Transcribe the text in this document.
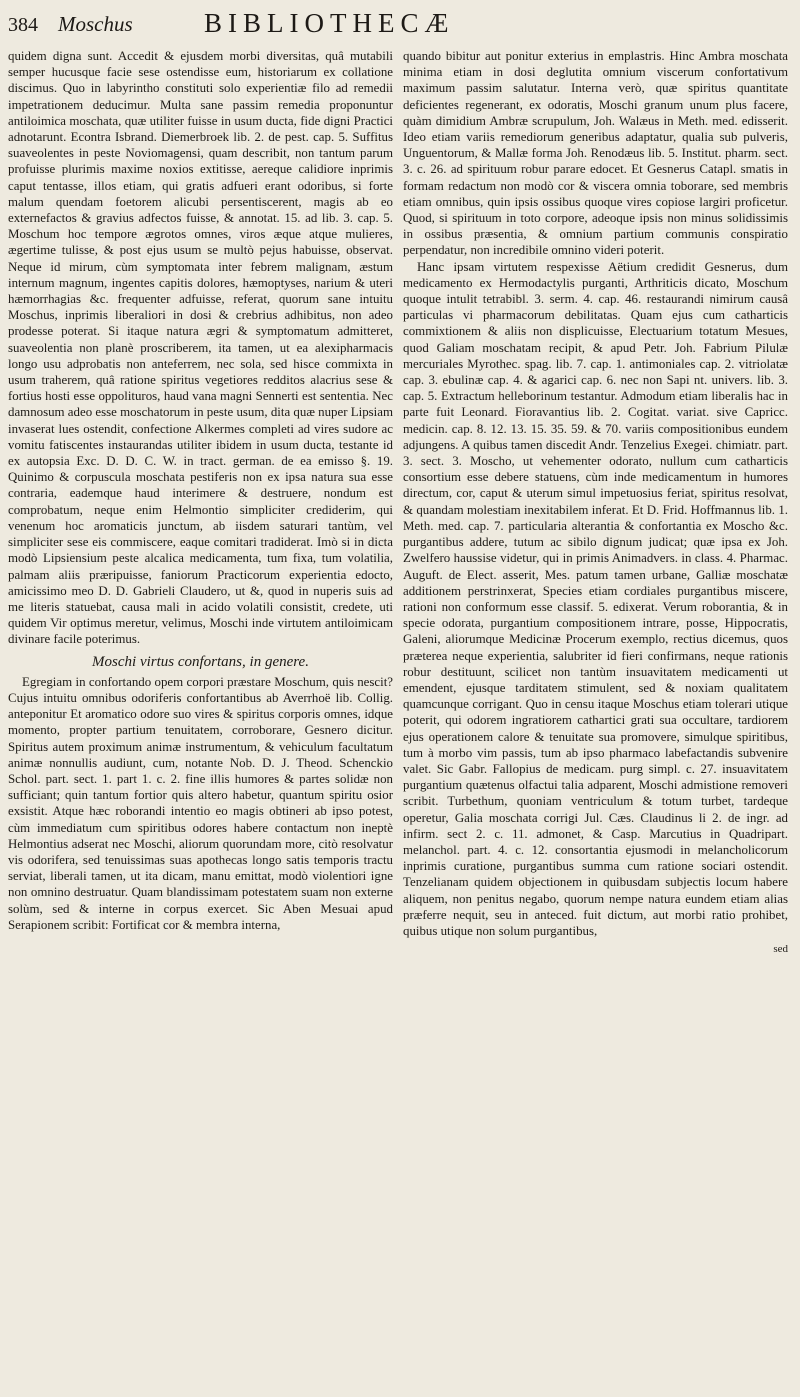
384 Moschus	BIBLIOTHECÆ

quidem digna sunt. Accedit & ejusdem morbi diversitas, quâ mutabili semper hucusque facie sese ostendisse eum, historiarum ex collatione discimus. Quo in labyrintho constituti solo experientiæ filo ad remedii impetrationem deducimur. Multa sane passim remedia proponuntur antiloimica moschata, quæ utiliter fuisse in usum ducta, fide digni Practici adnotarunt. Econtra Isbrand. Diemerbroek lib. 2. de pest. cap. 5. Suffitus suaveolentes in peste Noviomagensi, quam describit, non tantum parum profuisse plurimis maxime noxios extitisse, aereque calidiore inprimis caput tentasse, illos etiam, qui gratis adfueri erant odoribus, si forte malum quendam foetorem alicubi persentiscerent, magis ab eo externefactos & gravius adfectos fuisse, & annotat. 15. ad lib. 3. cap. 5. Moschum hoc tempore ægrotos omnes, viros æque atque mulieres, ægertime tulisse, & post ejus usum se multò pejus habuisse, observat. Neque id mirum, cùm symptomata inter febrem malignam, æstum internum magnum, ingentes capitis dolores, hæmoptyses, narium & uteri hæmorrhagias &c. frequenter adfuisse, referat, quorum sane intuitu Moschus, inprimis liberaliori in dosi & crebrius adhibitus, non adeo prodesse poterat. Si itaque natura ægri & symptomatum admitteret, suaveolentia non planè proscriberem, ita tamen, ut ea alexipharmacis longo usu adprobatis non anteferrem, nec sola, sed hisce commixta in usum traherem, quâ ratione spiritus vegetiores redditos alacrius sese & fortius hosti esse oppolituros, haud vana magni Sennerti est sententia. Nec damnosum adeo esse moschatorum in peste usum, dita quæ nuper Lipsiam invaserat lues ostendit, confectione Alkermes completi ad vires sudore ac vomitu fatiscentes instaurandas utiliter ibidem in usum ducta, testante id ex autopsia Exc. D. D. C. W. in tract. german. de ea emisso §. 19. Quinimo & corpuscula moschata pestiferis non ex ipsa natura sua esse contraria, eademque haud interimere & destruere, nondum est comprobatum, neque enim Helmontio simpliciter crediderim, qui venenum hoc aromaticis junctum, ab iisdem saturari tantùm, vel simpliciter sese eis commiscere, eaque comitari tradiderat. Imò si in dicta modò Lipsiensium peste alcalica medicamenta, tum fixa, tum volatilia, palmam aliis præripuisse, faniorum Practicorum experientia edocto, amicissimo meo D. D. Gabrieli Claudero, ut &, quod in nuperis suis ad me literis statuebat, causa mali in acido volatili consistit, credete, uti quidem Vir optimus meretur, velimus, Moschi inde virtutem antiloimicam divinare facile poterimus.

Moschi virtus confortans, in genere.

Egregiam in confortando opem corpori præstare Moschum, quis nescit? Cujus intuitu omnibus odoriferis confortantibus ab Averrhoë lib. Collig. anteponitur Et aromatico odore suo vires & spiritus corporis omnes, idque momento, propter partium tenuitatem, corroborare, Gesnero dicitur. Spiritus autem proximum animæ instrumentum, & vehiculum facultatum animæ nonnullis audiunt, cum, notante Nob. D. J. Theod. Schenckio Schol. part. sect. 1. part 1. c. 2. fine illis humores & partes solidæ non sufficiant; quin tantum fortior quis altero habetur, quantum spiritu osior exsistit. Atque hæc roborandi intentio eo magis obtineri ab ipso potest, cùm immediatum cum spiritibus odores habere contactum non ineptè Helmontius adserat nec Moschi, aliorum quorundam more, citò resolvatur vis odorifera, sed tenuissimas suas apothecas longo satis temporis tractu serviat, liberali tamen, ut ita dicam, manu emittat, modò violentiori igne non omnino destruatur. Quam blandissimam potestatem suam non externe solùm, sed & interne in corpus exercet. Sic Aben Mesuai apud Serapionem scribit: Fortificat cor & membra interna,

quando bibitur aut ponitur exterius in emplastris. Hinc Ambra moschata minima etiam in dosi deglutita omnium viscerum confortativum maximum passim salutatur. Interna verò, quæ spiritus quantitate deficientes regenerant, ex odoratis, Moschi granum unum plus facere, quàm dimidium Ambræ scrupulum, Joh. Walæus in Meth. med. edisserit. Ideo etiam variis remediorum generibus adaptatur, qualia sub pulveris, Unguentorum, & Mallæ forma Joh. Renodæus lib. 5. Institut. pharm. sect. 3. c. 26. ad spirituum robur parare edocet. Et Gesnerus Catapl. smatis in formam redactum non modò cor & viscera omnia toborare, sed membris etiam omnibus, quin ipsis ossibus quoque vires copiose largiri proficetur. Quod, si spirituum in toto corpore, adeoque ipsis non minus solidissimis in ossibus præsentia, & omnium partium communis conspiratio perpendatur, non incredibile omnino videri poterit.

Hanc ipsam virtutem respexisse Aëtium credidit Gesnerus, dum medicamento ex Hermodactylis purganti, Arthriticis dicato, Moschum quoque intulit tetrabibl. 3. serm. 4. cap. 46. restaurandi nimirum causâ particulas vi pharmacorum debilitatas. Quam ejus cum catharticis commixtionem & aliis non displicuisse, Electuarium totatum Mesues, quod Galiam moschatam recipit, & apud Petr. Joh. Fabrium Pilulæ mercuriales Myrothec. spag. lib. 7. cap. 1. antimoniales cap. 2. vitriolatæ cap. 3. ebulinæ cap. 4. & agarici cap. 6. nec non Sapi nt. univers. lib. 3. cap. 5. Extractum helleborinum testantur. Admodum etiam liberalis hac in parte fuit Leonard. Fioravantius lib. 2. Cogitat. variat. sive Capricc. medicin. cap. 8. 12. 13. 15. 35. 59. & 70. variis compositionibus eundem adjungens. A quibus tamen discedit Andr. Tenzelius Exegei. chimiatr. part. 3. sect. 3. Moscho, ut vehementer odorato, nullum cum catharticis consortium esse debere statuens, cùm inde medicamentum in humores directum, cor, caput & uterum simul impetuosius feriat, spiritus resolvat, & quandam molestiam inexitabilem inferat. Et D. Frid. Hoffmannus lib. 1. Meth. med. cap. 7. particularia alterantia & confortantia ex Moscho &c. purgantibus addere, tutum ac sibilo dignum judicat; quæ ipsa ex Joh. Zwelfero haussise videtur, qui in primis Animadvers. in class. 4. Pharmac. Auguft. de Elect. asserit, Mes. patum tamen urbane, Galliæ moschatæ additionem perstrinxerat, Species etiam cordiales purgantibus miscere, rationi non conformum esse classif. 5. edixerat. Verum roborantia, & in specie odorata, purgantium compositionem intrare, posse, Hippocratis, Galeni, aliorumque Medicinæ Procerum exemplo, rectius dicemus, quos præterea neque experientia, salubriter id fieri confirmans, neque rationis robur destituunt, scilicet non tantùm insuavitatem medicamenti ut emendent, ejusque tarditatem stimulent, sed & noxiam qualitatem quamcunque corrigant. Quo in censu itaque Moschus etiam tolerari utique poterit, qui odorem ingratiorem cathartici grati sua occultare, tardiorem ejus operationem calore & tenuitate sua promovere, simulque spiritibus, tum à morbo vim passis, tum ab ipso pharmaco labefactandis subvenire valet. Sic Gabr. Fallopius de medicam. purg simpl. c. 27. insuavitatem purgantium quætenus olfactui talia adparent, Moschi admistione removeri scribit. Turbethum, quoniam ventriculum & totum turbet, tardeque operetur, Galia moschata corrigi Jul. Cæs. Claudinus li 2. de ingr. ad infirm. sect 2. c. 11. admonet, & Casp. Marcutius in Quadripart. melanchol. part. 4. c. 12. consortantia ejusmodi in melancholicorum inprimis curatione, purgantibus summa cum ratione sociari ostendit. Tenzelianam quidem objectionem in quibusdam subjectis locum habere aliquem, non penitus negabo, quorum nempe natura eundem etiam alias præferre nequit, seu in anteced. fuit dictum, aut morbi ratio prohibet, quibus utique non solum purgantibus,

sed
